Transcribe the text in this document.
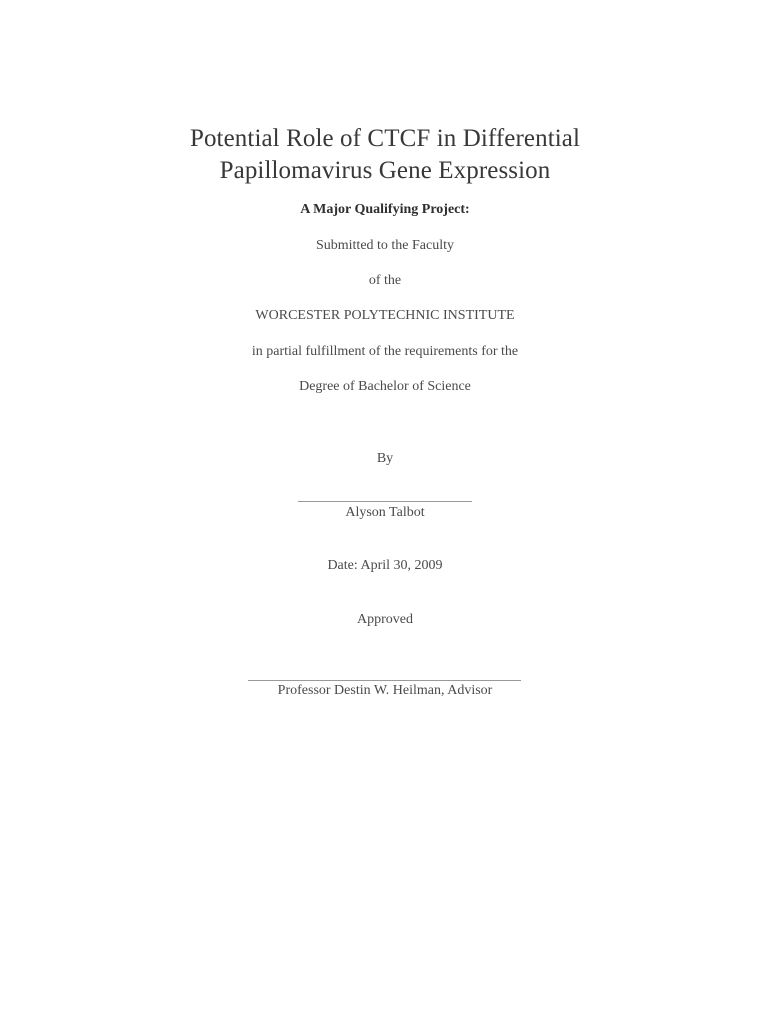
Potential Role of CTCF in Differential
Papillomavirus Gene Expression
A Major Qualifying Project:
Submitted to the Faculty
of the
WORCESTER POLYTECHNIC INSTITUTE
in partial fulfillment of the requirements for the
Degree of Bachelor of Science
By
Alyson Talbot
Date: April 30, 2009
Approved
Professor Destin W. Heilman, Advisor
